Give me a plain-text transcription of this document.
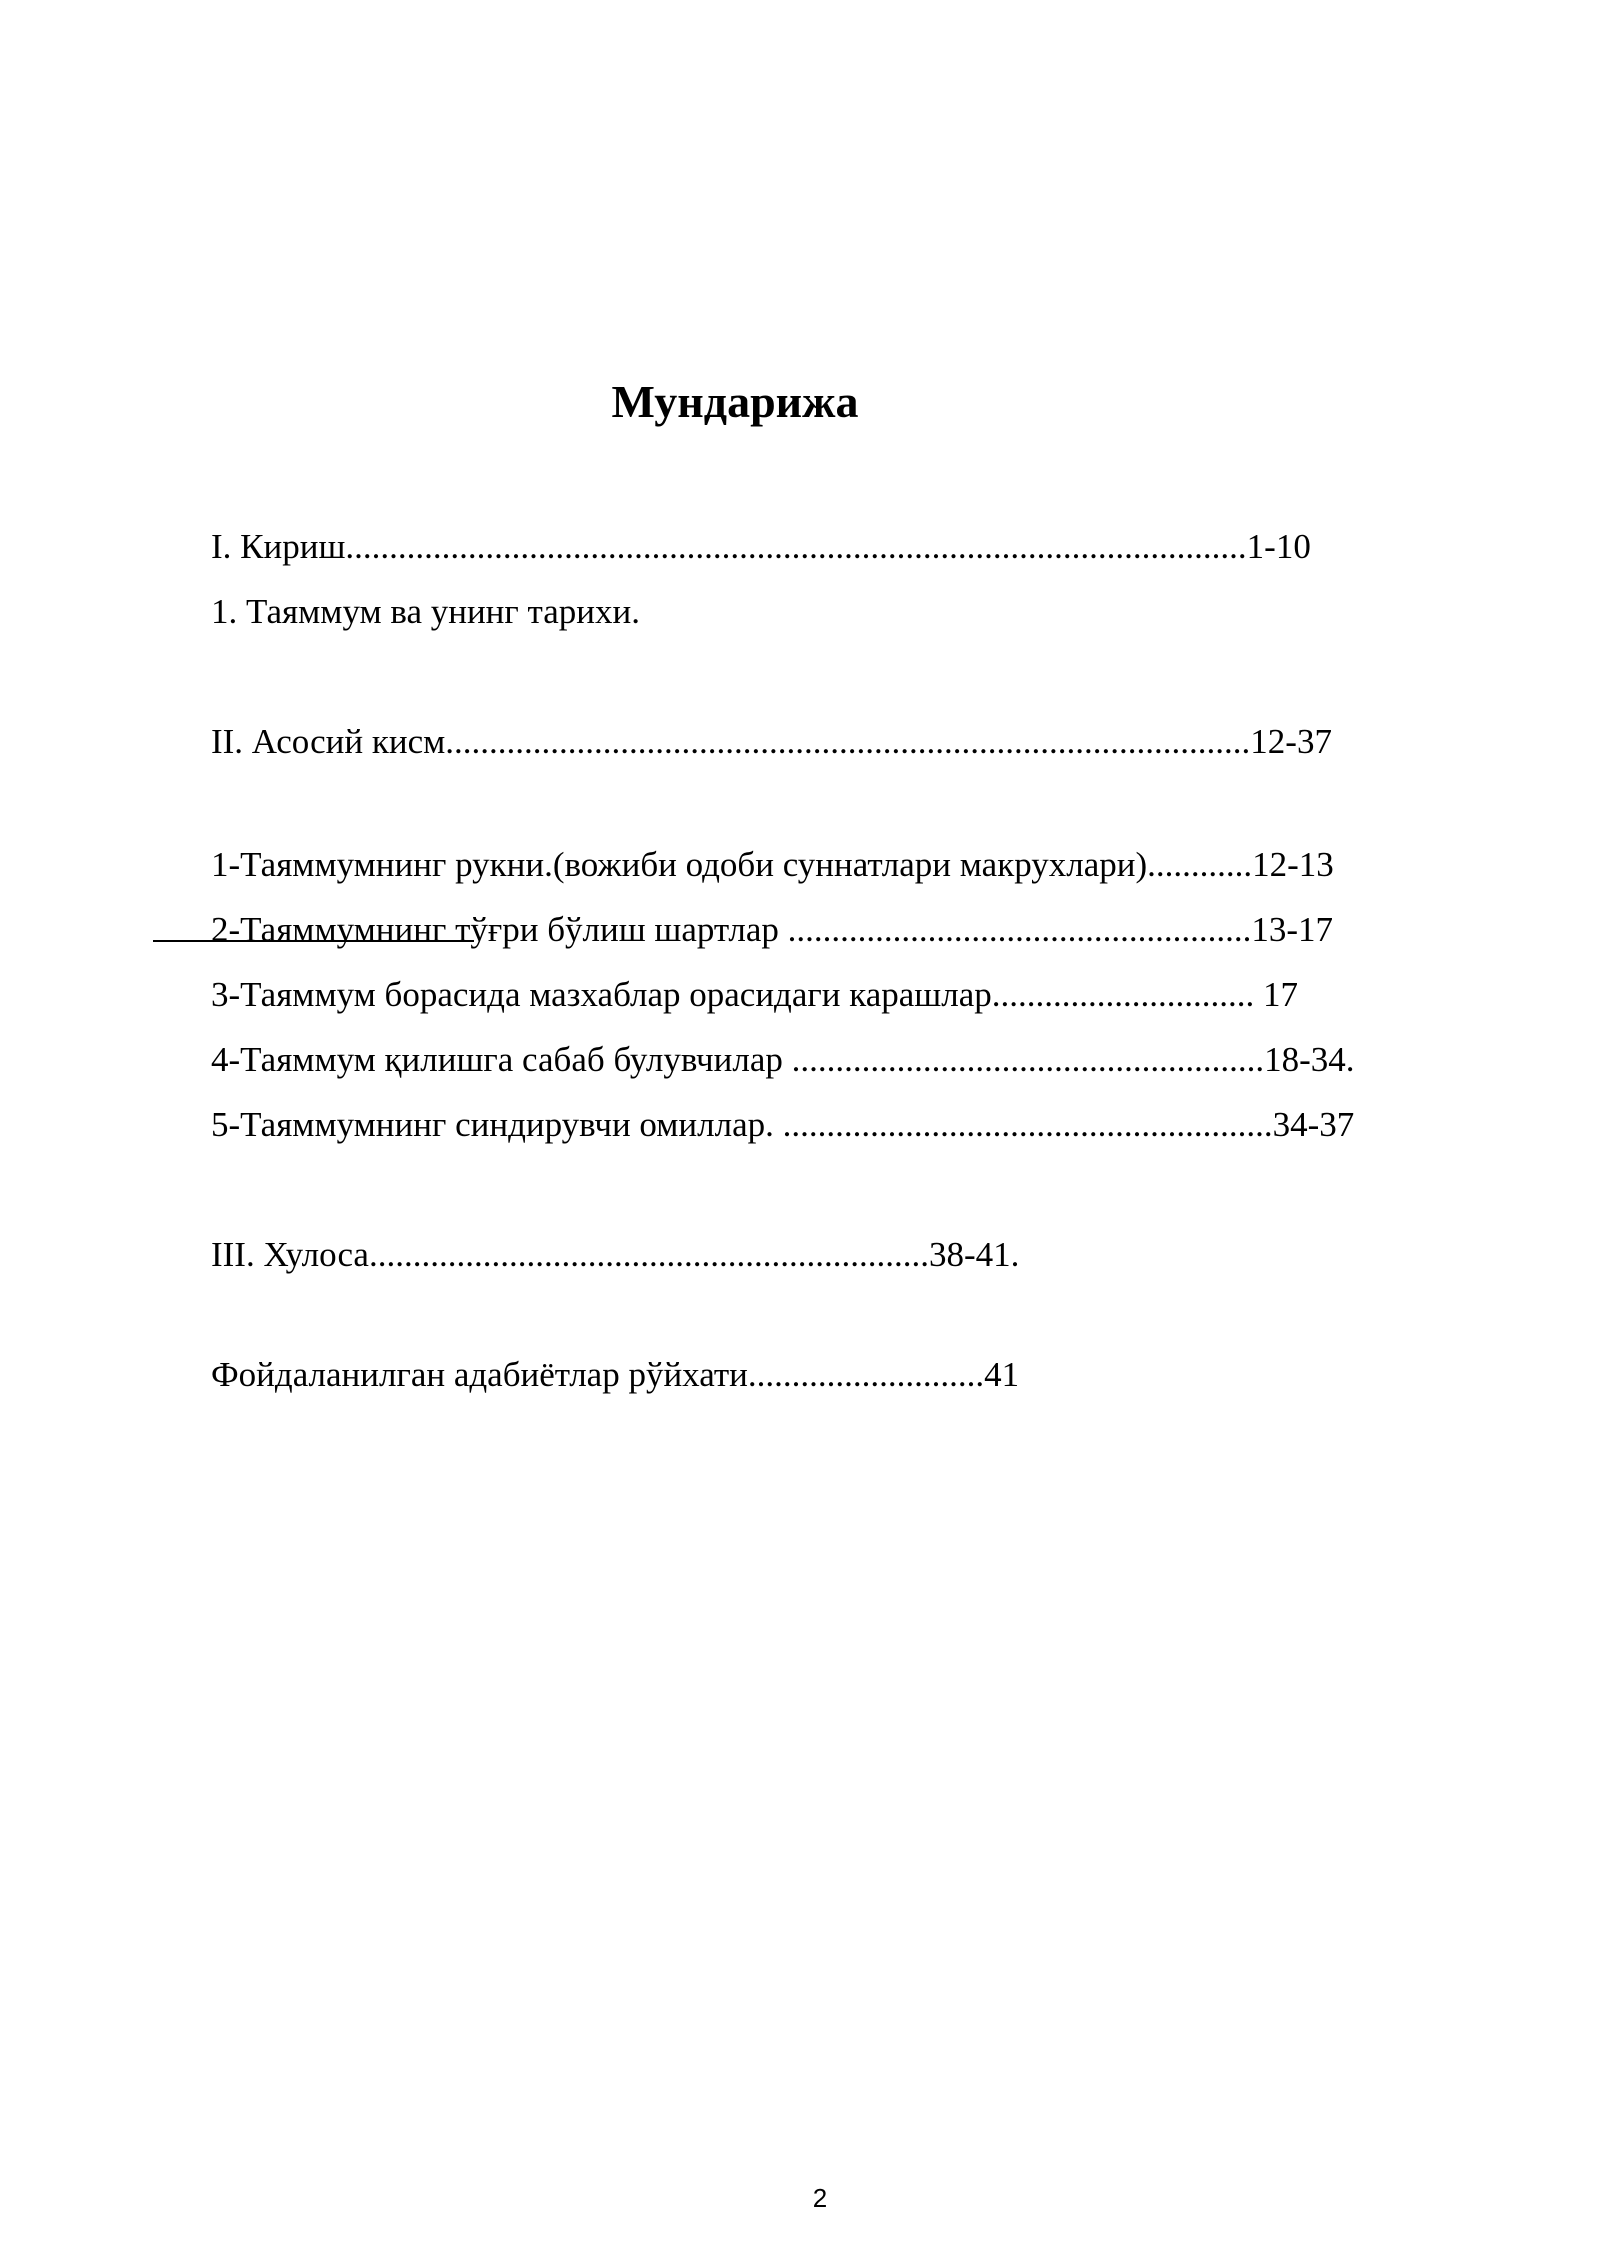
Мундарижа
I. Кириш.......................................................................................................1-10
1. Таяммум ва унинг тарихи.
II. Асосий кисм............................................................................................12-37
1-Таяммумнинг рукни.(вожиби одоби суннатлари макрухлари)............12-13
2-Таяммумнинг тўғри бўлиш шартлар .....................................................13-17
3-Таяммум борасида мазхаблар орасидаги карашлар.............................. 17
4-Таяммум қилишга сабаб булувчилар ......................................................18-34.
5-Таяммумнинг синдирувчи омиллар. ........................................................34-37
III. Хулоса................................................................38-41.
Фойдаланилган адабиётлар рўйхати...........................41
2
